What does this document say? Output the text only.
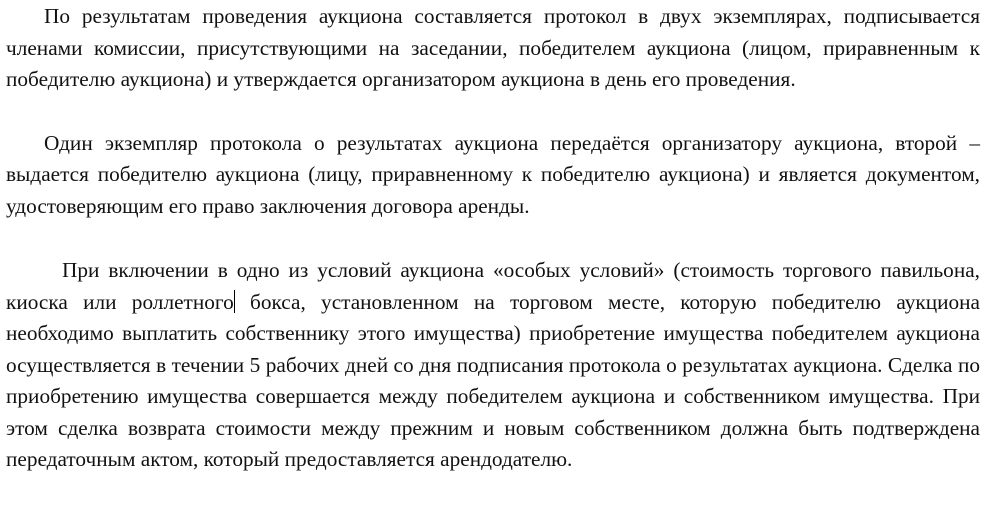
По результатам проведения аукциона составляется протокол в двух экземплярах, подписывается членами комиссии, присутствующими на заседании, победителем аукциона (лицом, приравненным к победителю аукциона) и утверждается организатором аукциона в день его проведения.

Один экземпляр протокола о результатах аукциона передаётся организатору аукциона, второй – выдается победителю аукциона (лицу, приравненному к победителю аукциона) и является документом, удостоверяющим его право заключения договора аренды.

При включении в одно из условий аукциона «особых условий» (стоимость торгового павильона, киоска или роллетного бокса, установленном на торговом месте, которую победителю аукциона необходимо выплатить собственнику этого имущества) приобретение имущества победителем аукциона осуществляется в течении 5 рабочих дней со дня подписания протокола о результатах аукциона. Сделка по приобретению имущества совершается между победителем аукциона и собственником имущества. При этом сделка возврата стоимости между прежним и новым собственником должна быть подтверждена передаточным актом, который предоставляется арендодателю.
